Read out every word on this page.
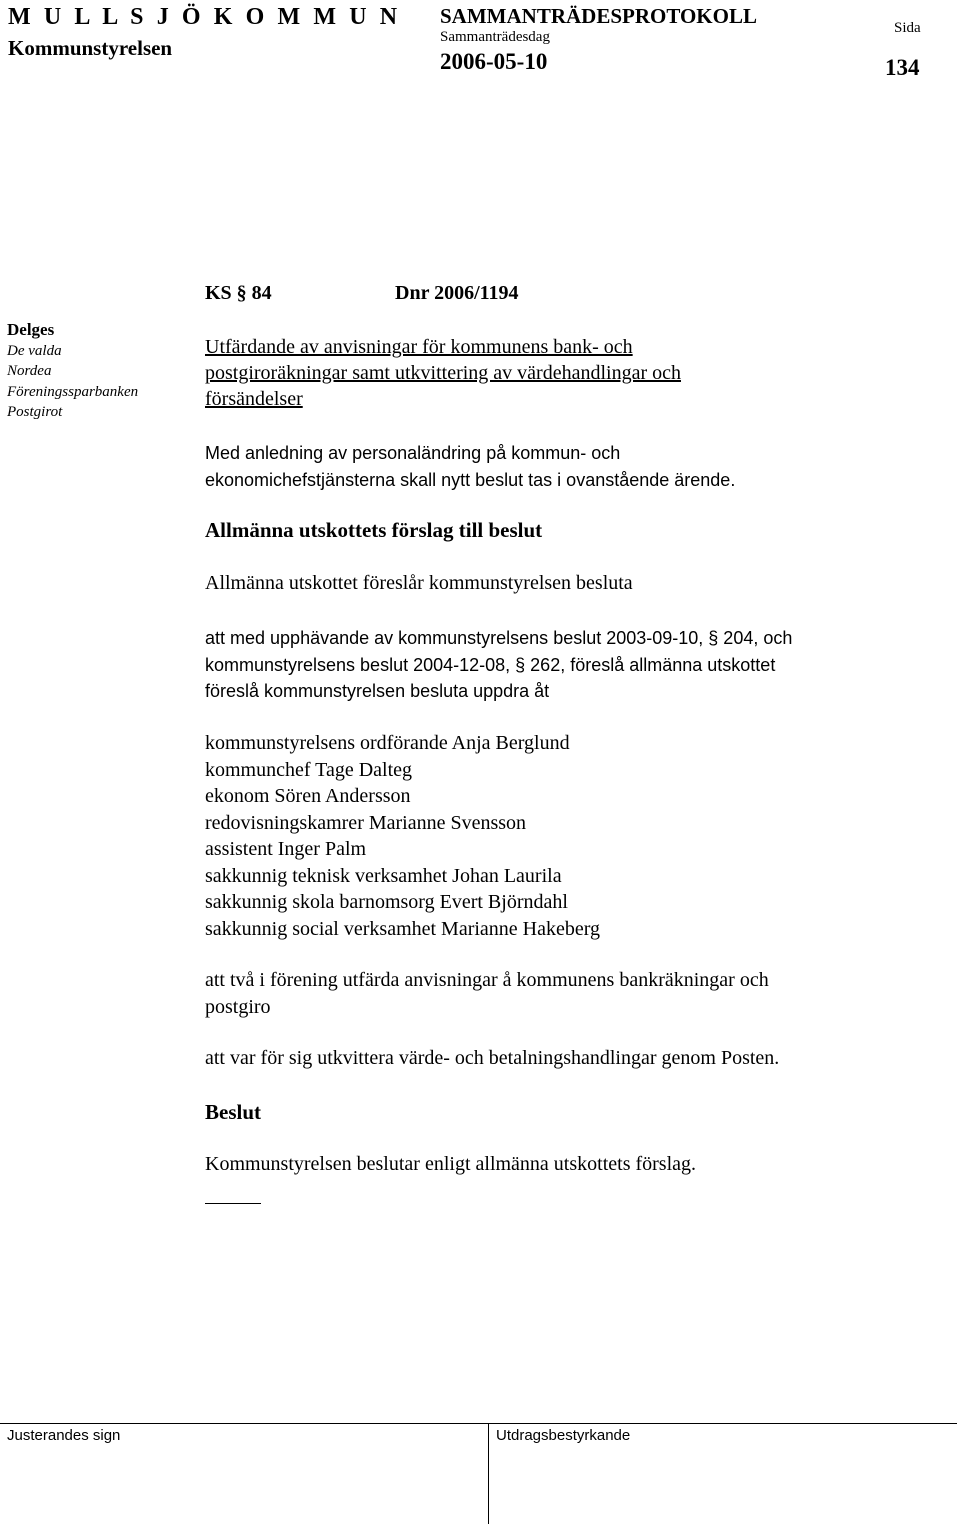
M U L L S J Ö K O M M U N
Kommunstyrelsen
SAMMANTRÄDESPROTOKOLL
Sammanträdesdag
2006-05-10
Sida
134
Delges
De valda
Nordea
Föreningssparbanken
Postgirot
KS § 84	Dnr 2006/1194
Utfärdande av anvisningar för kommunens bank- och
postgiroräkningar samt utkvittering av värdehandlingar och
försändelser
Med anledning av personaländring på kommun- och
ekonomichefstjänsterna skall nytt beslut tas i ovanstående ärende.
Allmänna utskottets förslag till beslut
Allmänna utskottet föreslår kommunstyrelsen besluta
att med upphävande av kommunstyrelsens beslut 2003-09-10, § 204, och
kommunstyrelsens beslut 2004-12-08, § 262, föreslå allmänna utskottet
föreslå kommunstyrelsen besluta uppdra åt
kommunstyrelsens ordförande Anja Berglund
kommunchef Tage Dalteg
ekonom Sören Andersson
redovisningskamrer Marianne Svensson
assistent Inger Palm
sakkunnig teknisk verksamhet Johan Laurila
sakkunnig skola barnomsorg Evert Björndahl
sakkunnig social verksamhet Marianne Hakeberg
att två i förening utfärda anvisningar å kommunens bankräkningar och
postgiro
att var för sig utkvittera värde- och betalningshandlingar genom Posten.
Beslut
Kommunstyrelsen beslutar enligt allmänna utskottets förslag.
Justerandes sign	Utdragsbestyrkande
